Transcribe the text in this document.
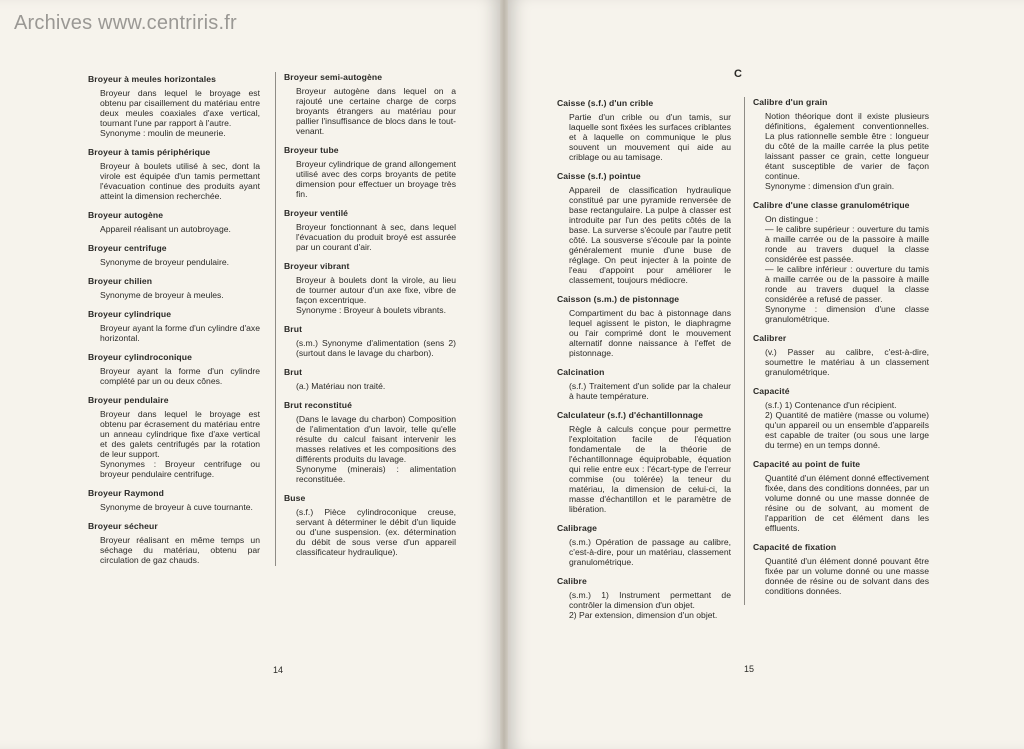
Archives www.centriris.fr
Broyeur à meules horizontales
Broyeur dans lequel le broyage est obtenu par cisaillement du matériau entre deux meules coaxiales d'axe vertical, tournant l'une par rapport à l'autre.
Synonyme : moulin de meunerie.
Broyeur à tamis périphérique
Broyeur à boulets utilisé à sec, dont la virole est équipée d'un tamis permettant l'évacuation continue des produits ayant atteint la dimension recherchée.
Broyeur autogène
Appareil réalisant un autobroyage.
Broyeur centrifuge
Synonyme de broyeur pendulaire.
Broyeur chilien
Synonyme de broyeur à meules.
Broyeur cylindrique
Broyeur ayant la forme d'un cylindre d'axe horizontal.
Broyeur cylindroconique
Broyeur ayant la forme d'un cylindre complété par un ou deux cônes.
Broyeur pendulaire
Broyeur dans lequel le broyage est obtenu par écrasement du matériau entre un anneau cylindrique fixe d'axe vertical et des galets centrifugés par la rotation de leur support.
Synonymes : Broyeur centrifuge ou broyeur pendulaire centrifuge.
Broyeur Raymond
Synonyme de broyeur à cuve tournante.
Broyeur sécheur
Broyeur réalisant en même temps un séchage du matériau, obtenu par circulation de gaz chauds.
Broyeur semi-autogène
Broyeur autogène dans lequel on a rajouté une certaine charge de corps broyants étrangers au matériau pour pallier l'insuffisance de blocs dans le tout-venant.
Broyeur tube
Broyeur cylindrique de grand allongement utilisé avec des corps broyants de petite dimension pour effectuer un broyage très fin.
Broyeur ventilé
Broyeur fonctionnant à sec, dans lequel l'évacuation du produit broyé est assurée par un courant d'air.
Broyeur vibrant
Broyeur à boulets dont la virole, au lieu de tourner autour d'un axe fixe, vibre de façon excentrique.
Synonyme : Broyeur à boulets vibrants.
Brut
(s.m.) Synonyme d'alimentation (sens 2) (surtout dans le lavage du charbon).
Brut
(a.) Matériau non traité.
Brut reconstitué
(Dans le lavage du charbon) Composition de l'alimentation d'un lavoir, telle qu'elle résulte du calcul faisant intervenir les masses relatives et les compositions des différents produits du lavage.
Synonyme (minerais) : alimentation reconstituée.
Buse
(s.f.) Pièce cylindroconique creuse, servant à déterminer le débit d'un liquide ou d'une suspension. (ex. détermination du débit de sous verse d'un appareil classificateur hydraulique).
14
C
Caisse (s.f.) d'un crible
Partie d'un crible ou d'un tamis, sur laquelle sont fixées les surfaces criblantes et à laquelle on communique le plus souvent un mouvement qui aide au criblage ou au tamisage.
Caisse (s.f.) pointue
Appareil de classification hydraulique constitué par une pyramide renversée de base rectangulaire. La pulpe à classer est introduite par l'un des petits côtés de la base. La surverse s'écoule par l'autre petit côté. La sousverse s'écoule par la pointe généralement munie d'une buse de réglage. On peut injecter à la pointe de l'eau d'appoint pour améliorer le classement, toujours médiocre.
Caisson (s.m.) de pistonnage
Compartiment du bac à pistonnage dans lequel agissent le piston, le diaphragme ou l'air comprimé dont le mouvement alternatif donne naissance à l'effet de pistonnage.
Calcination
(s.f.) Traitement d'un solide par la chaleur à haute température.
Calculateur (s.f.) d'échantillonnage
Règle à calculs conçue pour permettre l'exploitation facile de l'équation fondamentale de la théorie de l'échantillonnage équiprobable, équation qui relie entre eux : l'écart-type de l'erreur commise (ou tolérée) la teneur du matériau, la dimension de celui-ci, la masse d'échantillon et le paramètre de libération.
Calibrage
(s.m.) Opération de passage au calibre, c'est-à-dire, pour un matériau, classement granulométrique.
Calibre
(s.m.) 1) Instrument permettant de contrôler la dimension d'un objet.
2) Par extension, dimension d'un objet.
Calibre d'un grain
Notion théorique dont il existe plusieurs définitions, également conventionnelles. La plus rationnelle semble être : longueur du côté de la maille carrée la plus petite laissant passer ce grain, cette longueur étant susceptible de varier de façon continue.
Synonyme : dimension d'un grain.
Calibre d'une classe granulométrique
On distingue :
— le calibre supérieur : ouverture du tamis à maille carrée ou de la passoire à maille ronde au travers duquel la classe considérée est passée.
— le calibre inférieur : ouverture du tamis à maille carrée ou de la passoire à maille ronde au travers duquel la classe considérée a refusé de passer.
Synonyme : dimension d'une classe granulométrique.
Calibrer
(v.) Passer au calibre, c'est-à-dire, soumettre le matériau à un classement granulométrique.
Capacité
(s.f.) 1) Contenance d'un récipient.
2) Quantité de matière (masse ou volume) qu'un appareil ou un ensemble d'appareils est capable de traiter (ou sous une large du terme) en un temps donné.
Capacité au point de fuite
Quantité d'un élément donné effectivement fixée, dans des conditions données, par un volume donné ou une masse donnée de résine ou de solvant, au moment de l'apparition de cet élément dans les effluents.
Capacité de fixation
Quantité d'un élément donné pouvant être fixée par un volume donné ou une masse donnée de résine ou de solvant dans des conditions données.
15
